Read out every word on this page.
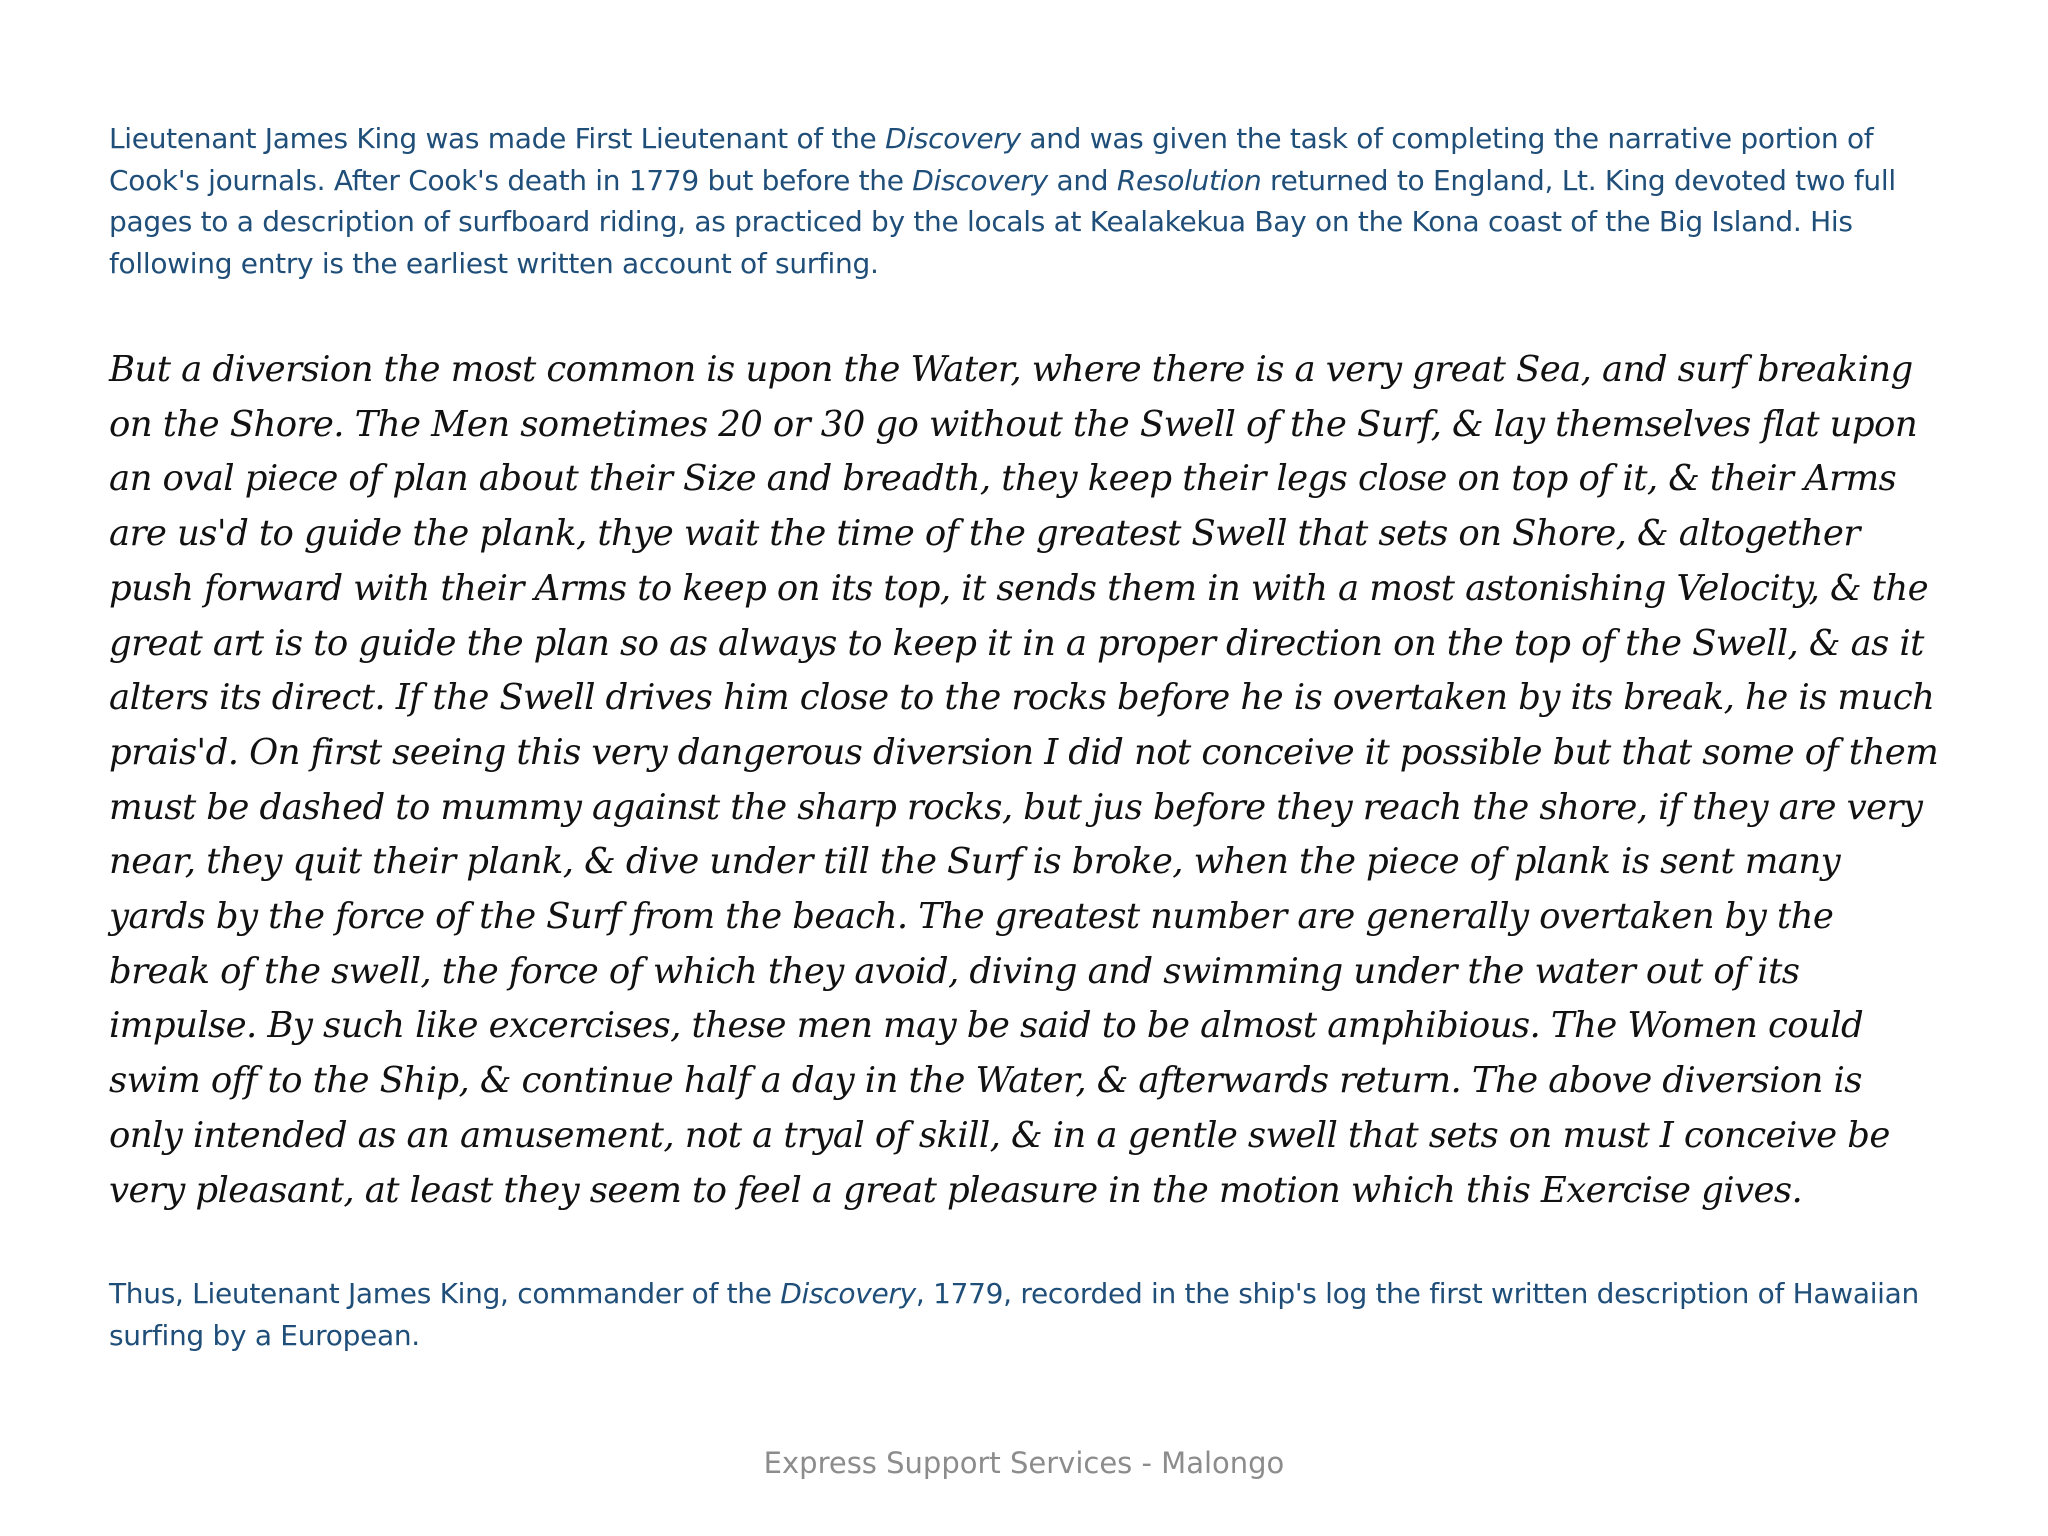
Lieutenant James King was made First Lieutenant of the Discovery and was given the task of completing the narrative portion of Cook's journals. After Cook's death in 1779 but before the Discovery and Resolution returned to England, Lt. King devoted two full pages to a description of surfboard riding, as practiced by the locals at Kealakekua Bay on the Kona coast of the Big Island. His following entry is the earliest written account of surfing.

But a diversion the most common is upon the Water, where there is a very great Sea, and surf breaking on the Shore. The Men sometimes 20 or 30 go without the Swell of the Surf, & lay themselves flat upon an oval piece of plan about their Size and breadth, they keep their legs close on top of it, & their Arms are us'd to guide the plank, thye wait the time of the greatest Swell that sets on Shore, & altogether push forward with their Arms to keep on its top, it sends them in with a most astonishing Velocity, & the great art is to guide the plan so as always to keep it in a proper direction on the top of the Swell, & as it alters its direct. If the Swell drives him close to the rocks before he is overtaken by its break, he is much prais'd. On first seeing this very dangerous diversion I did not conceive it possible but that some of them must be dashed to mummy against the sharp rocks, but jus before they reach the shore, if they are very near, they quit their plank, & dive under till the Surf is broke, when the piece of plank is sent many yards by the force of the Surf from the beach. The greatest number are generally overtaken by the break of the swell, the force of which they avoid, diving and swimming under the water out of its impulse. By such like excercises, these men may be said to be almost amphibious. The Women could swim off to the Ship, & continue half a day in the Water, & afterwards return. The above diversion is only intended as an amusement, not a tryal of skill, & in a gentle swell that sets on must I conceive be very pleasant, at least they seem to feel a great pleasure in the motion which this Exercise gives.

Thus, Lieutenant James King, commander of the Discovery, 1779, recorded in the ship's log the first written description of Hawaiian surfing by a European.

Express Support Services - Malongo
